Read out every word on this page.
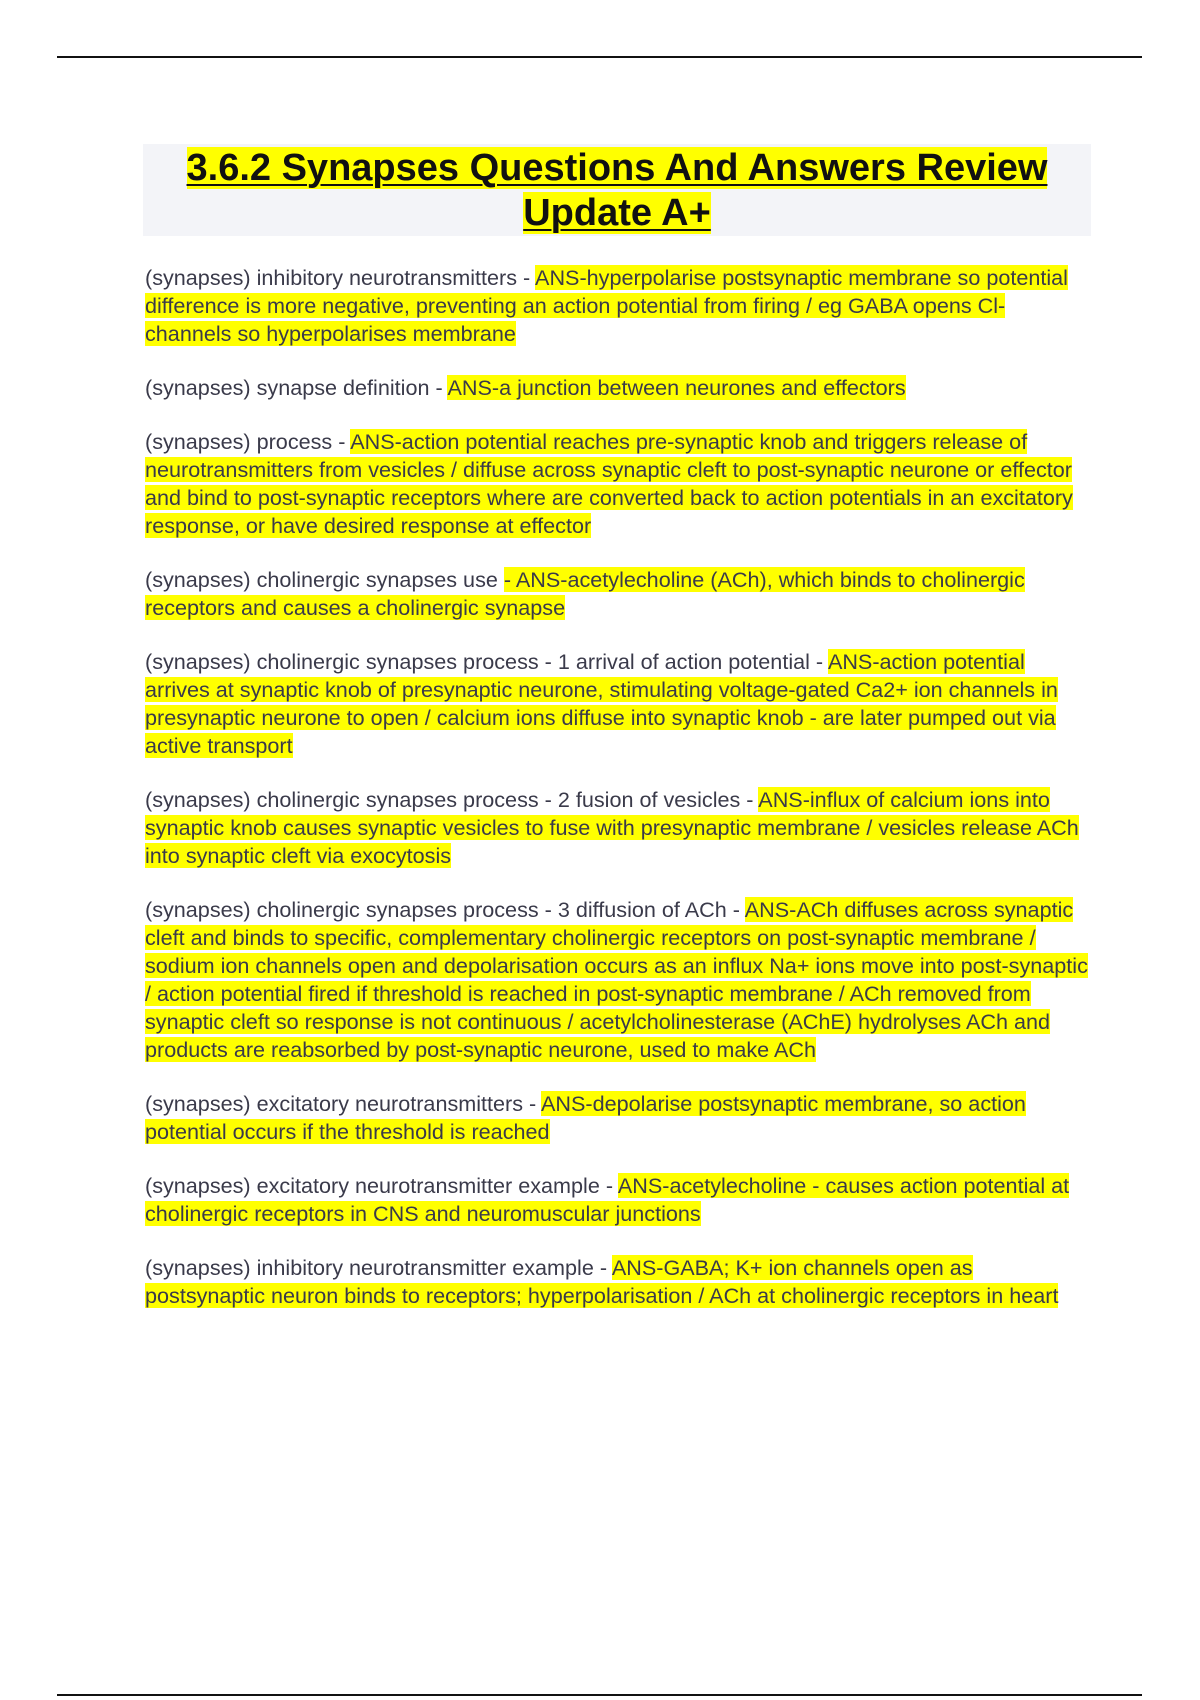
3.6.2 Synapses Questions And Answers Review
Update A+

(synapses) inhibitory neurotransmitters - ANS-hyperpolarise postsynaptic membrane so potential difference is more negative, preventing an action potential from firing / eg GABA opens Cl- channels so hyperpolarises membrane

(synapses) synapse definition - ANS-a junction between neurones and effectors

(synapses) process - ANS-action potential reaches pre-synaptic knob and triggers release of neurotransmitters from vesicles / diffuse across synaptic cleft to post-synaptic neurone or effector and bind to post-synaptic receptors where are converted back to action potentials in an excitatory response, or have desired response at effector

(synapses) cholinergic synapses use - ANS-acetylecholine (ACh), which binds to cholinergic receptors and causes a cholinergic synapse

(synapses) cholinergic synapses process - 1 arrival of action potential - ANS-action potential arrives at synaptic knob of presynaptic neurone, stimulating voltage-gated Ca2+ ion channels in presynaptic neurone to open / calcium ions diffuse into synaptic knob - are later pumped out via active transport

(synapses) cholinergic synapses process - 2 fusion of vesicles - ANS-influx of calcium ions into synaptic knob causes synaptic vesicles to fuse with presynaptic membrane / vesicles release ACh into synaptic cleft via exocytosis

(synapses) cholinergic synapses process - 3 diffusion of ACh - ANS-ACh diffuses across synaptic cleft and binds to specific, complementary cholinergic receptors on post-synaptic membrane / sodium ion channels open and depolarisation occurs as an influx Na+ ions move into post-synaptic / action potential fired if threshold is reached in post-synaptic membrane / ACh removed from synaptic cleft so response is not continuous / acetylcholinesterase (AChE) hydrolyses ACh and products are reabsorbed by post-synaptic neurone, used to make ACh

(synapses) excitatory neurotransmitters - ANS-depolarise postsynaptic membrane, so action potential occurs if the threshold is reached

(synapses) excitatory neurotransmitter example - ANS-acetylecholine - causes action potential at cholinergic receptors in CNS and neuromuscular junctions

(synapses) inhibitory neurotransmitter example - ANS-GABA; K+ ion channels open as postsynaptic neuron binds to receptors; hyperpolarisation / ACh at cholinergic receptors in heart
